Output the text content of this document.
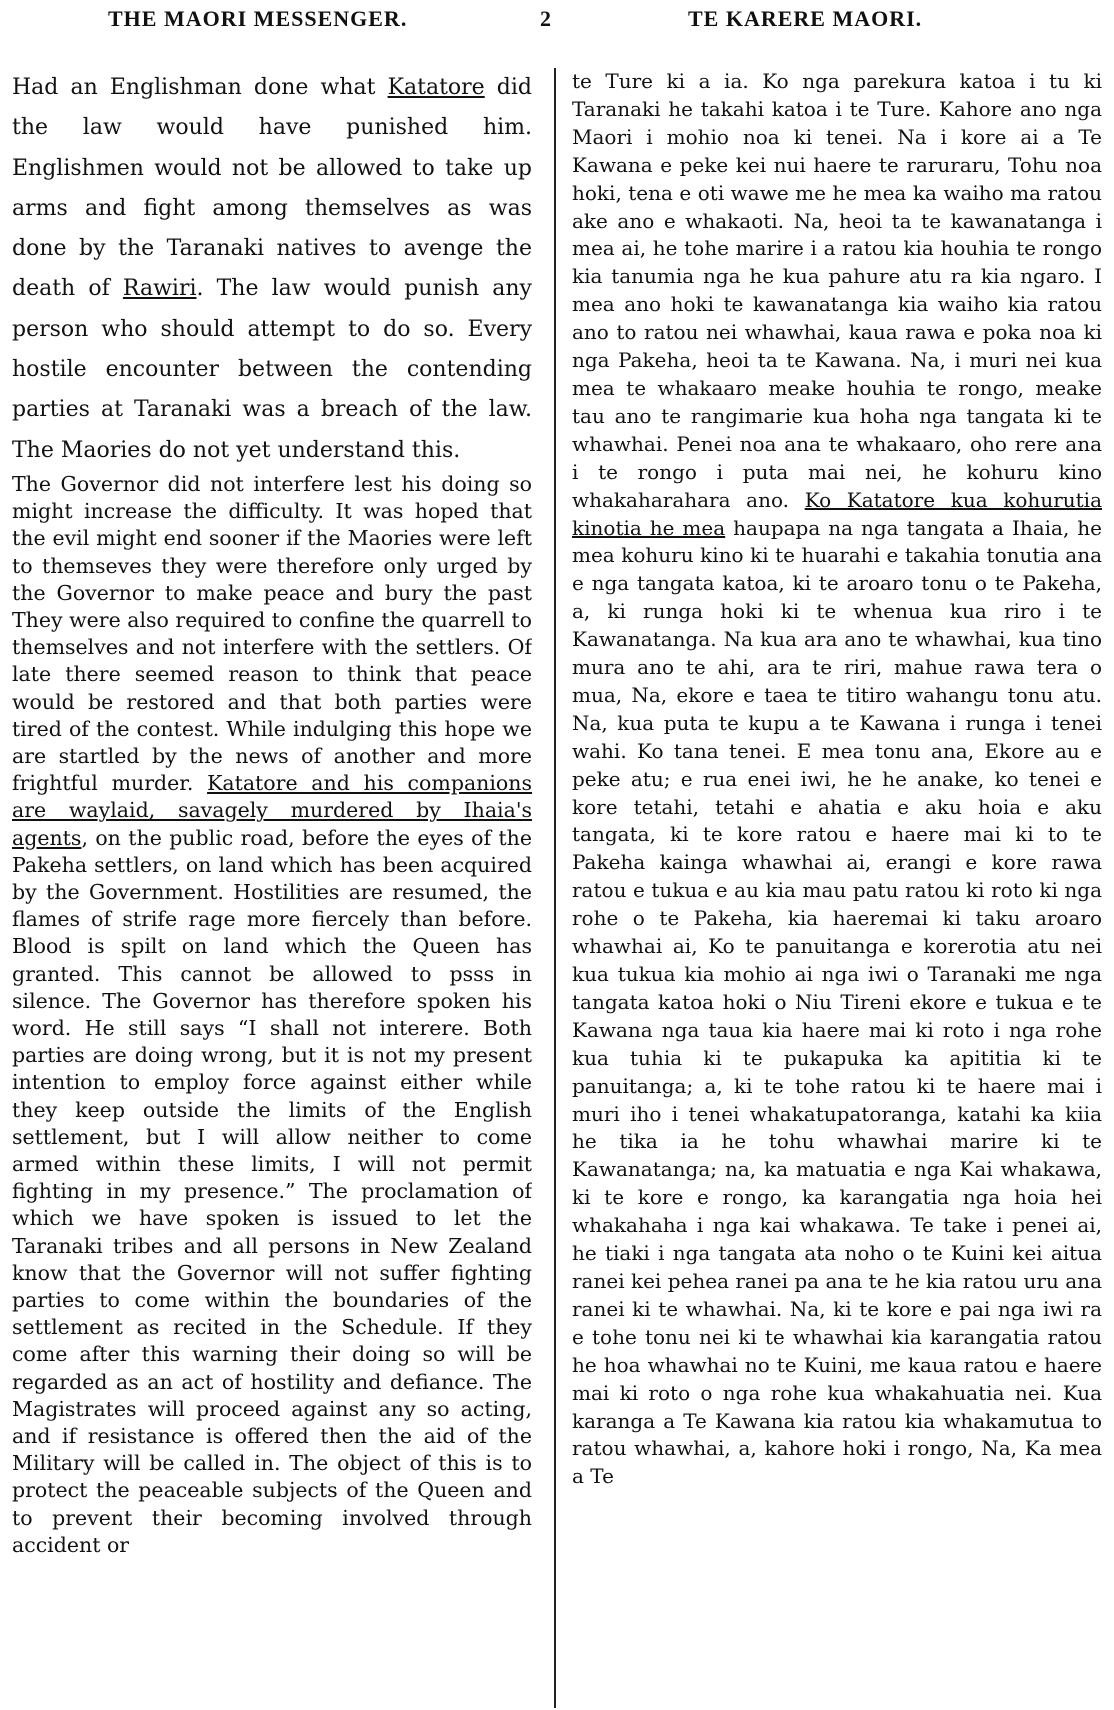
THE MAORI MESSENGER.	2	TE KARERE MAORI.

Had an Englishman done what Katatore did the law would have punished him. Englishmen would not be allowed to take up arms and fight among themselves as was done by the Taranaki natives to avenge the death of Rawiri. The law would punish any person who should attempt to do so. Every hostile encounter between the contending parties at Taranaki was a breach of the law. The Maories do not yet understand this.

The Governor did not interfere lest his doing so might increase the difficulty. It was hoped that the evil might end sooner if the Maories were left to themseves they were therefore only urged by the Governor to make peace and bury the past They were also required to confine the quarrell to themselves and not interfere with the settlers. Of late there seemed reason to think that peace would be restored and that both parties were tired of the contest. While indulging this hope we are startled by the news of another and more frightful murder. Katatore and his companions are waylaid, savagely murdered by Ihaia's agents, on the public road, before the eyes of the Pakeha settlers, on land which has been acquired by the Government. Hostilities are resumed, the flames of strife rage more fiercely than before. Blood is spilt on land which the Queen has granted. This cannot be allowed to psss in silence. The Governor has therefore spoken his word. He still says “I shall not interere. Both parties are doing wrong, but it is not my present intention to employ force against either while they keep outside the limits of the English settlement, but I will allow neither to come armed within these limits, I will not permit fighting in my presence.” The proclamation of which we have spoken is issued to let the Taranaki tribes and all persons in New Zealand know that the Governor will not suffer fighting parties to come within the boundaries of the settlement as recited in the Schedule. If they come after this warning their doing so will be regarded as an act of hostility and defiance. The Magistrates will proceed against any so acting, and if resistance is offered then the aid of the Military will be called in. The object of this is to protect the peaceable subjects of the Queen and to prevent their becoming involved through accident or

te Ture ki a ia. Ko nga parekura katoa i tu ki Taranaki he takahi katoa i te Ture. Kahore ano nga Maori i mohio noa ki tenei. Na i kore ai a Te Kawana e peke kei nui haere te raruraru, Tohu noa hoki, tena e oti wawe me he mea ka waiho ma ratou ake ano e whakaoti. Na, heoi ta te kawanatanga i mea ai, he tohe marire i a ratou kia houhia te rongo kia tanumia nga he kua pahure atu ra kia ngaro. I mea ano hoki te kawanatanga kia waiho kia ratou ano to ratou nei whawhai, kaua rawa e poka noa ki nga Pakeha, heoi ta te Kawana. Na, i muri nei kua mea te whakaaro meake houhia te rongo, meake tau ano te rangimarie kua hoha nga tangata ki te whawhai. Penei noa ana te whakaaro, oho rere ana i te rongo i puta mai nei, he kohuru kino whakaharahara ano. Ko Katatore kua kohurutia kinotia he mea haupapa na nga tangata a Ihaia, he mea kohuru kino ki te huarahi e takahia tonutia ana e nga tangata katoa, ki te aroaro tonu o te Pakeha, a, ki runga hoki ki te whenua kua riro i te Kawanatanga. Na kua ara ano te whawhai, kua tino mura ano te ahi, ara te riri, mahue rawa tera o mua, Na, ekore e taea te titiro wahangu tonu atu. Na, kua puta te kupu a te Kawana i runga i tenei wahi. Ko tana tenei. E mea tonu ana, Ekore au e peke atu; e rua enei iwi, he he anake, ko tenei e kore tetahi, tetahi e ahatia e aku hoia e aku tangata, ki te kore ratou e haere mai ki to te Pakeha kainga whawhai ai, erangi e kore rawa ratou e tukua e au kia mau patu ratou ki roto ki nga rohe o te Pakeha, kia haeremai ki taku aroaro whawhai ai, Ko te panuitanga e korerotia atu nei kua tukua kia mohio ai nga iwi o Taranaki me nga tangata katoa hoki o Niu Tireni ekore e tukua e te Kawana nga taua kia haere mai ki roto i nga rohe kua tuhia ki te pukapuka ka apititia ki te panuitanga; a, ki te tohe ratou ki te haere mai i muri iho i tenei whakatupatoranga, katahi ka kiia he tika ia he tohu whawhai marire ki te Kawanatanga; na, ka matuatia e nga Kai whakawa, ki te kore e rongo, ka karangatia nga hoia hei whakahaha i nga kai whakawa. Te take i penei ai, he tiaki i nga tangata ata noho o te Kuini kei aitua ranei kei pehea ranei pa ana te he kia ratou uru ana ranei ki te whawhai. Na, ki te kore e pai nga iwi ra e tohe tonu nei ki te whawhai kia karangatia ratou he hoa whawhai no te Kuini, me kaua ratou e haere mai ki roto o nga rohe kua whakahuatia nei. Kua karanga a Te Kawana kia ratou kia whakamutua to ratou whawhai, a, kahore hoki i rongo, Na, Ka mea a Te
